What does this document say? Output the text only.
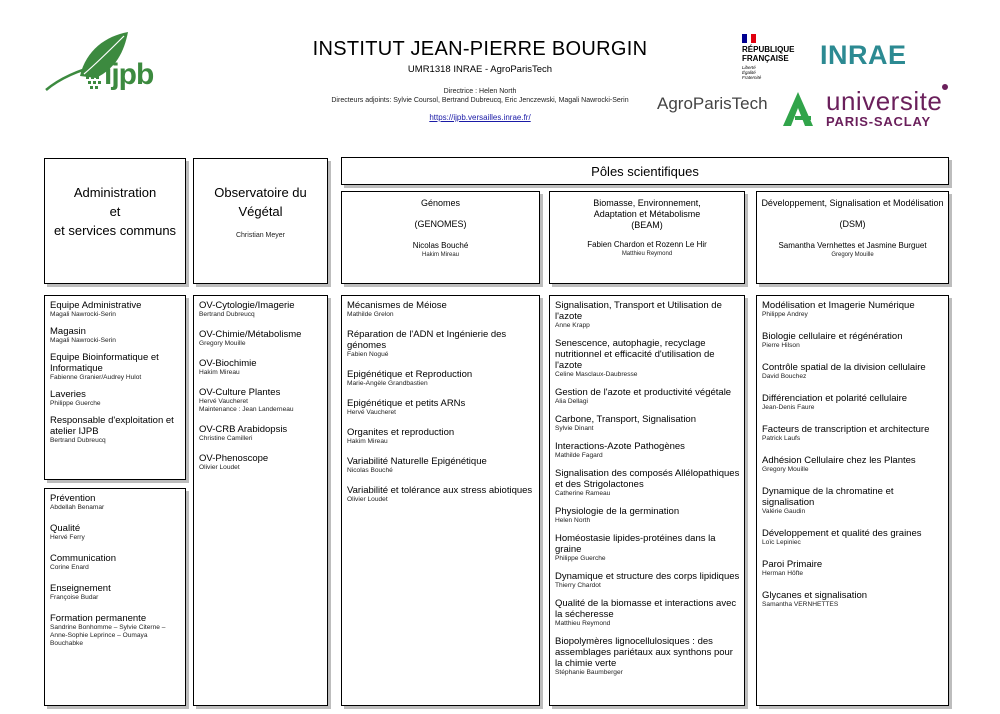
ijpb
RÉPUBLIQUE
FRANÇAISE
Liberté
Égalité
Fraternité
INRAE
AgroParisTech	universite
PARIS-SACLAY
INSTITUT JEAN-PIERRE BOURGIN
UMR1318 INRAE - AgroParisTech
Directrice : Helen North
Directeurs adjoints: Sylvie Coursol, Bertrand Dubreucq, Eric Jenczewski, Magali Nawrocki-Serin
https://ijpb.versailles.inrae.fr/
Administration
et
et services communs
Observatoire du Végétal
Christian Meyer
Pôles scientifiques
Génomes
(GENOMES)
Nicolas Bouché
Hakim Mireau
Biomasse, Environnement, Adaptation et Métabolisme
(BEAM)
Fabien Chardon et Rozenn Le Hir
Matthieu Reymond
Développement, Signalisation et Modélisation
(DSM)
Samantha Vernhettes et Jasmine Burguet
Gregory Mouille
Equipe Administrative
Magali Nawrocki-Serin
Magasin
Magali Nawrocki-Serin
Equipe Bioinformatique et Informatique
Fabienne Granier/Audrey Hulot
Laveries
Philippe Guerche
Responsable d'exploitation et atelier IJPB
Bertrand Dubreucq
Prévention
Abdellah Benamar
Qualité
Hervé Ferry
Communication
Corine Enard
Enseignement
Françoise Budar
Formation permanente
Sandrine Bonhomme – Sylvie Citerne – Anne-Sophie Leprince – Oumaya Bouchabke
OV-Cytologie/Imagerie
Bertrand Dubreucq
OV-Chimie/Métabolisme
Gregory Mouille
OV-Biochimie
Hakim Mireau
OV-Culture Plantes
Hervé Vaucheret
Maintenance : Jean Landerneau
OV-CRB Arabidopsis
Christine Camilleri
OV-Phenoscope
Olivier Loudet
Mécanismes de Méiose
Mathilde Grelon
Réparation de l'ADN et Ingénierie des génomes
Fabien Nogué
Epigénétique et Reproduction
Marie-Angèle Grandbastien
Epigénétique et petits ARNs
Hervé Vaucheret
Organites et reproduction
Hakim Mireau
Variabilité Naturelle Epigénétique
Nicolas Bouché
Variabilité et tolérance aux stress abiotiques
Olivier Loudet
Signalisation, Transport et Utilisation de l'azote
Anne Krapp
Senescence, autophagie, recyclage nutritionnel et efficacité d'utilisation de l'azote
Celine Masclaux-Daubresse
Gestion de l'azote et productivité végétale
Alia Dellagi
Carbone, Transport, Signalisation
Sylvie Dinant
Interactions-Azote Pathogènes
Mathilde Fagard
Signalisation des composés Allélopathiques et des Strigolactones
Catherine Rameau
Physiologie de la germination
Helen North
Homéostasie lipides-protéines dans la graine
Philippe Guerche
Dynamique et structure des corps lipidiques
Thierry Chardot
Qualité de la biomasse et interactions avec la sécheresse
Matthieu Reymond
Biopolymères lignocellulosiques : des assemblages pariétaux aux synthons pour la chimie verte
Stéphanie Baumberger
Modélisation et Imagerie Numérique
Philippe Andrey
Biologie cellulaire et régénération
Pierre Hilson
Contrôle spatial de la division cellulaire
David Bouchez
Différenciation et polarité cellulaire
Jean-Denis Faure
Facteurs de transcription et architecture
Patrick Laufs
Adhésion Cellulaire chez les Plantes
Gregory Mouille
Dynamique de la chromatine et signalisation
Valérie Gaudin
Développement et qualité des graines
Loïc Lepiniec
Paroi Primaire
Herman Höfte
Glycanes et signalisation
Samantha VERNHETTES
